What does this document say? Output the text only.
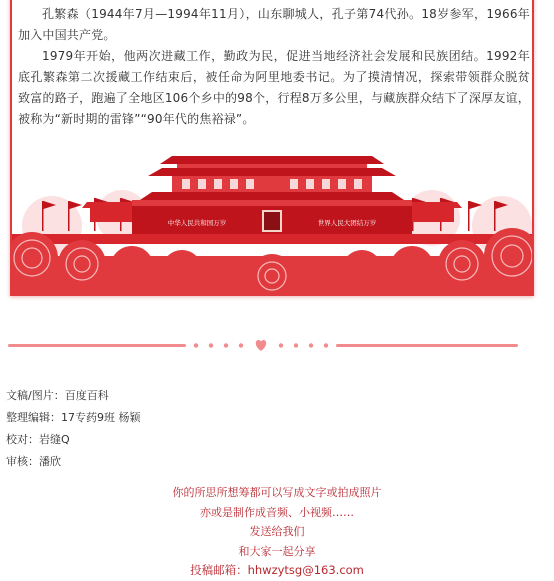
孔繁森（1944年7月—1994年11月），山东聊城人，孔子第74代孙。18岁参军，1966年加入中国共产党。

1979年开始，他两次进藏工作，勤政为民，促进当地经济社会发展和民族团结。1992年底孔繁森第二次援藏工作结束后，被任命为阿里地委书记。为了摸清情况，探索带领群众脱贫致富的路子，跑遍了全地区106个乡中的98个，行程8万多公里，与藏族群众结下了深厚友谊，被称为“新时期的雷锋”“90年代的焦裕禄”。

中华人民共和国万岁	世界人民大团结万岁
文稿/图片：百度百科
整理编辑：17专药9班 杨颖
校对：岩缝Q
审核：潘欣
你的所思所想筹都可以写成文字或拍成照片
亦或是制作成音频、小视频……
发送给我们
和大家一起分享
投稿邮箱：hhwzytsg@163.com
